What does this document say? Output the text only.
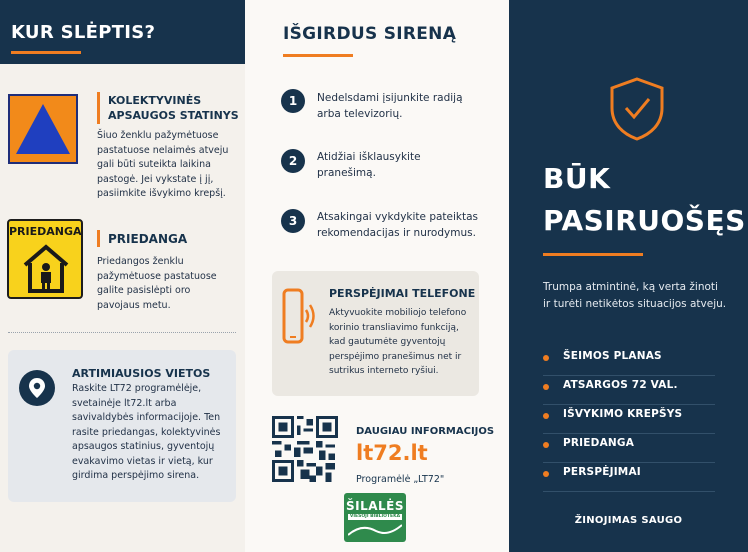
KUR SLĖPTIS?
KOLEKTYVINĖS
APSAUGOS STATINYS
Šiuo ženklu pažymėtuose
pastatuose nelaimės atveju
gali būti suteikta laikina
pastogė. Jei vykstate į jį,
pasiimkite išvykimo krepšį.
PRIEDANGA
PRIEDANGA
Priedangos ženklu
pažymėtuose pastatuose
galite pasislėpti oro
pavojaus metu.
ARTIMIAUSIOS VIETOS
Raskite LT72 programėlėje,
svetainėje lt72.lt arba
savivaldybės informacijoje. Ten
rasite priedangas, kolektyvinės
apsaugos statinius, gyventojų
evakavimo vietas ir vietą, kur
girdima perspėjimo sirena.
IŠGIRDUS SIRENĄ
1	Nedelsdami įsijunkite radiją
arba televizorių.
2	Atidžiai išklausykite
pranešimą.
3	Atsakingai vykdykite pateiktas
rekomendacijas ir nurodymus.
PERSPĖJIMAI TELEFONE
Aktyvuokite mobiliojo telefono
korinio transliavimo funkciją,
kad gautumėte gyventojų
perspėjimo pranešimus net ir
sutrikus interneto ryšiui.
DAUGIAU INFORMACIJOS
lt72.lt
Programėlė „LT72"
ŠILALĖS
VIEŠOJI BIBLIOTEKA
BŪK
PASIRUOŠĘS
Trumpa atmintinė, ką verta žinoti
ir turėti netikėtos situacijos atveju.
ŠEIMOS PLANAS
ATSARGOS 72 VAL.
IŠVYKIMO KREPŠYS
PRIEDANGA
PERSPĖJIMAI
ŽINOJIMAS SAUGO
